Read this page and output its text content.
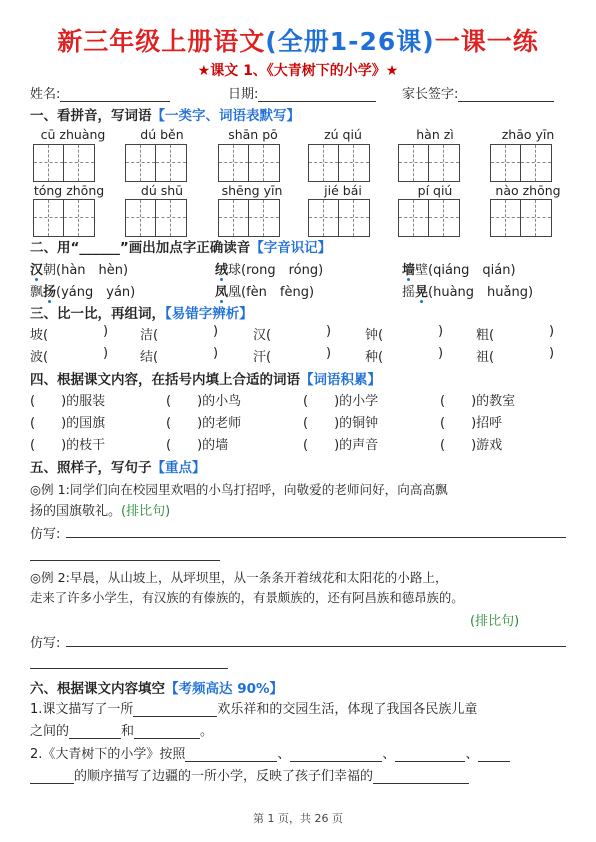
新三年级上册语文(全册1-26课)一课一练
★课文 1、《大青树下的小学》★
姓名:	日期:	家长签字:
一、看拼音，写词语【一类字、词语表默写】
cū zhuàng	dú běn	shān pō	zú qiú	hàn zì	zhāo yīn
tóng zhōng	dú shū	shēng yīn	jié bái	pí qiú	nào zhōng
二、用“______”画出加点字正确读音【字音识记】
汉朝(hàn　hèn)	绒球(rong　róng)	墙壁(qiáng　qián)
飘扬(yáng　yán)	凤凰(fèn　fèng)	摇晃(huàng　huǎng)
三、比一比，再组词，【易错字辨析】
坡(	) 洁(	)	汉(	)	钟(	)	粗(	)
波(	) 结(	)	汗(	)	种(	)	祖(	)
四、根据课文内容，在括号内填上合适的词语【词语积累】
(　　)的服装	(　　)的小鸟	(　　)的小学	(　　)的教室
(　　)的国旗	(　　)的老师	(　　)的铜钟	(　　)招呼
(　　)的枝干	(　　)的墙	(　　)的声音	(　　)游戏
五、照样子，写句子【重点】
◎例 1:同学们向在校园里欢唱的小鸟打招呼，向敬爱的老师问好，向高高飘
扬的国旗敬礼。(排比句)
仿写:
◎例 2:早晨，从山坡上，从坪坝里，从一条条开着绒花和太阳花的小路上，
走来了许多小学生，有汉族的有傣族的，有景颇族的，还有阿昌族和德昂族的。
(排比句)
仿写:
六、根据课文内容填空【考频高达 90%】
1.课文描写了一所	欢乐祥和的交园生活，体现了我国各民族儿童
之间的	和	。
2.《大青树下的小学》按照	、	、	、
的顺序描写了边疆的一所小学，反映了孩子们幸福的
第 1 页，共 26 页
